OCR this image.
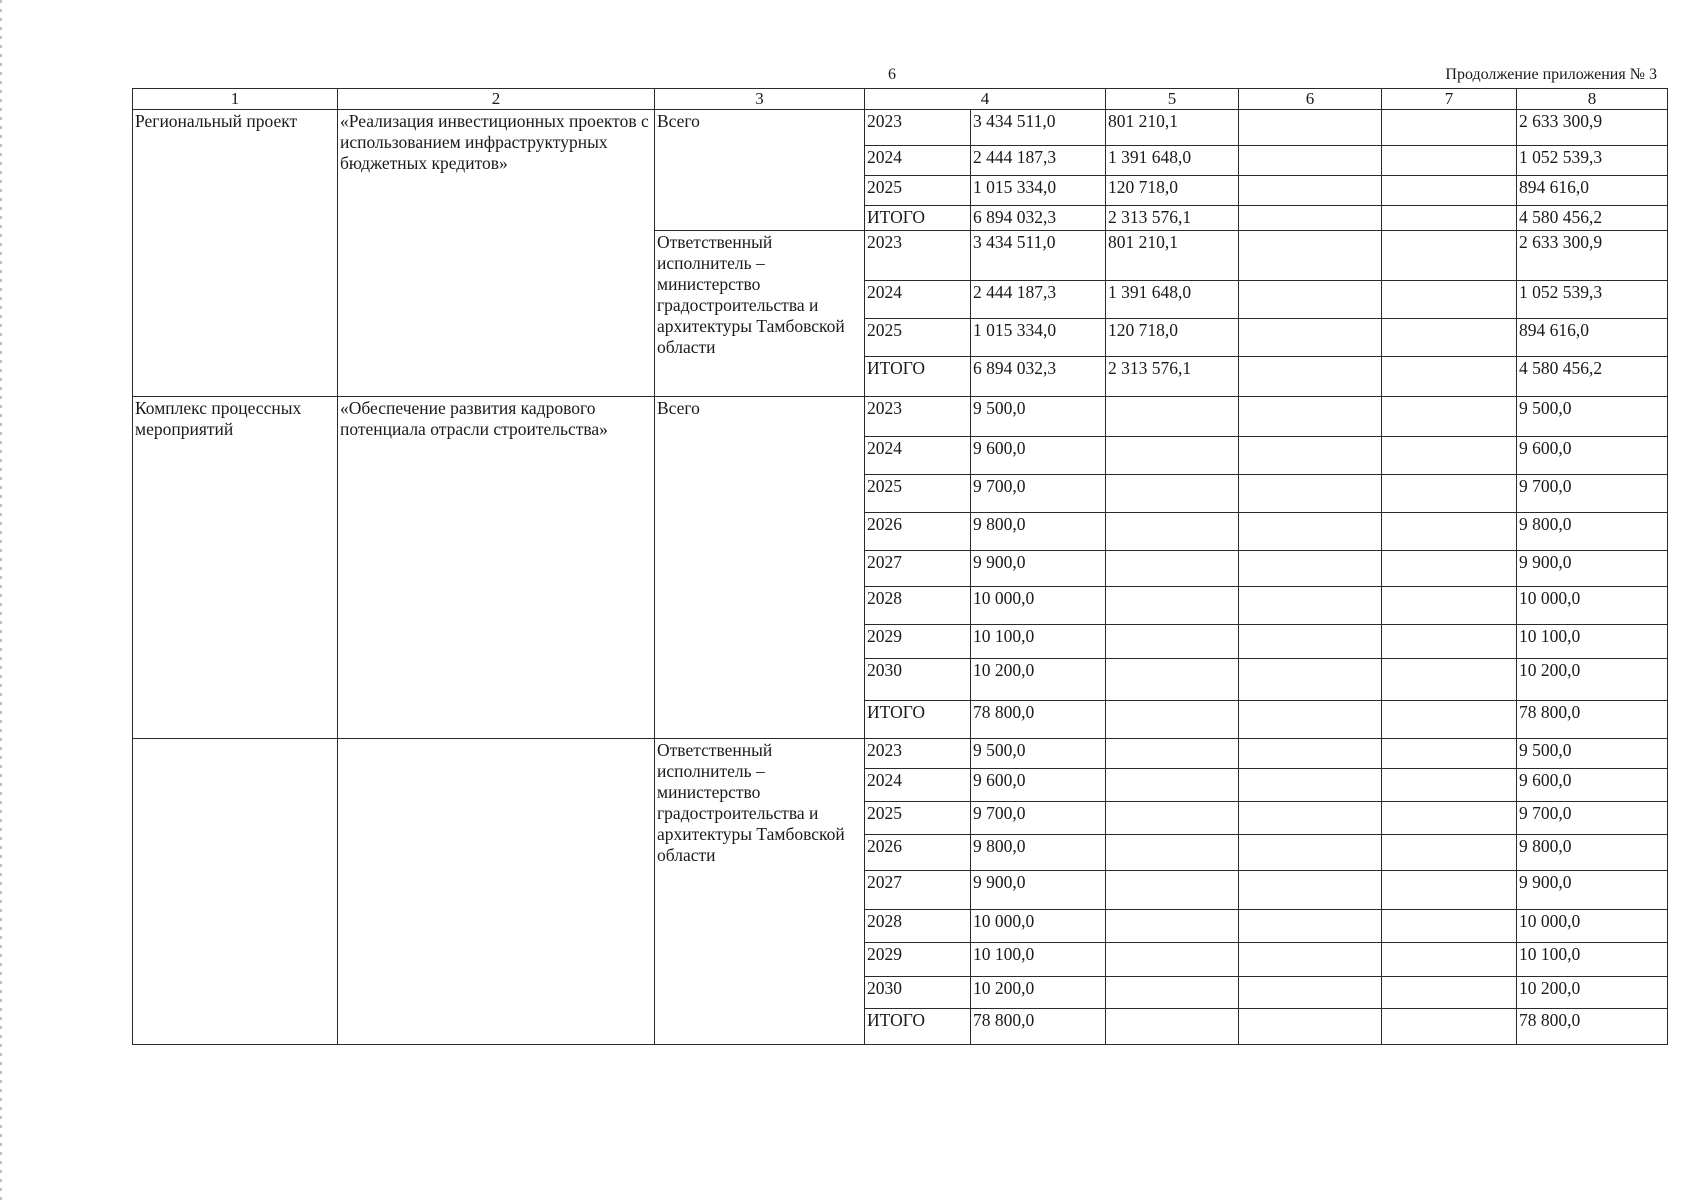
6	Продолжение приложения № 3
1	2	3	4		5	6	7	8
Региональный проект	«Реализация инвестиционных проектов с использованием инфраструктурных бюджетных кредитов»	Всего	2023	3 434 511,0	801 210,1			2 633 300,9
			2024	2 444 187,3	1 391 648,0			1 052 539,3
			2025	1 015 334,0	120 718,0			894 616,0
			ИТОГО	6 894 032,3	2 313 576,1			4 580 456,2
		Ответственный исполнитель – министерство градостроительства и архитектуры Тамбовской области	2023	3 434 511,0	801 210,1			2 633 300,9
			2024	2 444 187,3	1 391 648,0			1 052 539,3
			2025	1 015 334,0	120 718,0			894 616,0
			ИТОГО	6 894 032,3	2 313 576,1			4 580 456,2
Комплекс процессных мероприятий	«Обеспечение развития кадрового потенциала отрасли строительства»	Всего	2023	9 500,0				9 500,0
			2024	9 600,0				9 600,0
			2025	9 700,0				9 700,0
			2026	9 800,0				9 800,0
			2027	9 900,0				9 900,0
			2028	10 000,0				10 000,0
			2029	10 100,0				10 100,0
			2030	10 200,0				10 200,0
			ИТОГО	78 800,0				78 800,0
		Ответственный исполнитель – министерство градостроительства и архитектуры Тамбовской области	2023	9 500,0				9 500,0
			2024	9 600,0				9 600,0
			2025	9 700,0				9 700,0
			2026	9 800,0				9 800,0
			2027	9 900,0				9 900,0
			2028	10 000,0				10 000,0
			2029	10 100,0				10 100,0
			2030	10 200,0				10 200,0
			ИТОГО	78 800,0				78 800,0
